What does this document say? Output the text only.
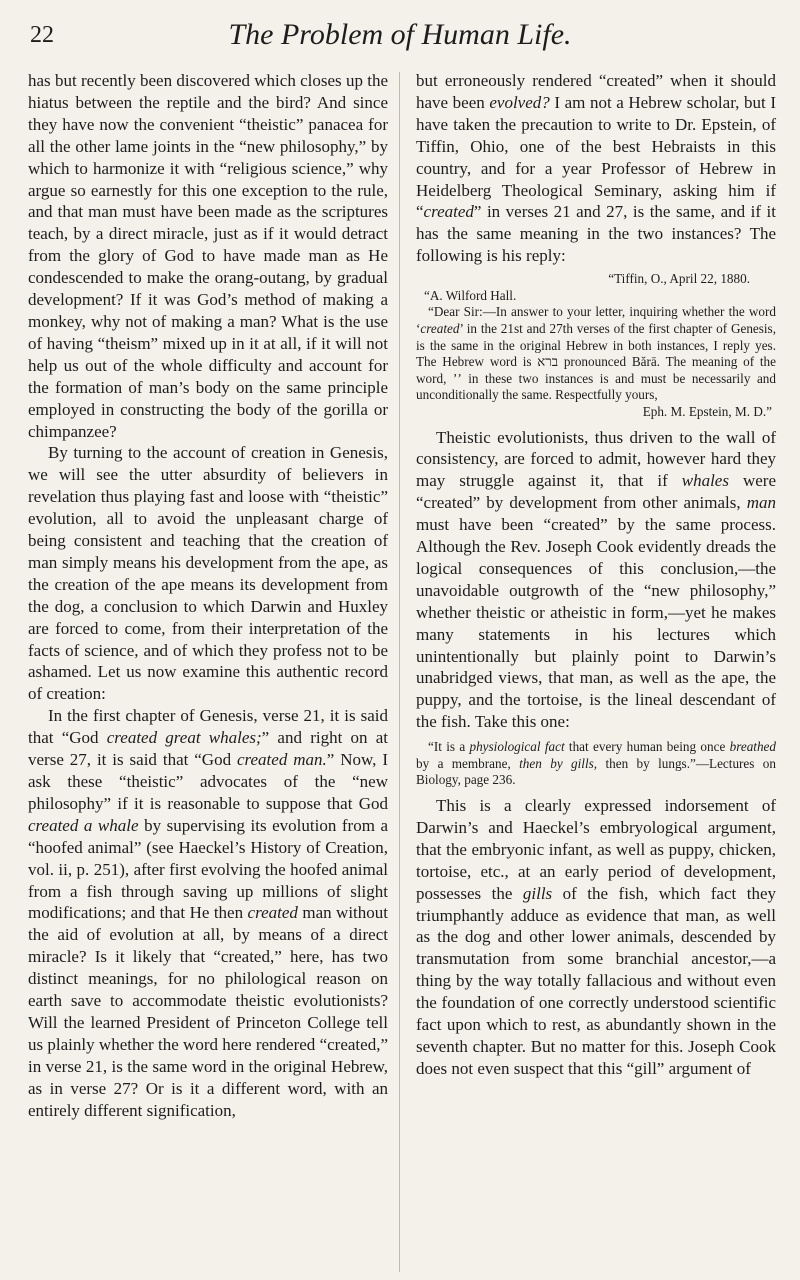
22	The Problem of Human Life.

has but recently been discovered which closes up the hiatus between the reptile and the bird? And since they have now the convenient “theistic” panacea for all the other lame joints in the “new philosophy,” by which to harmonize it with “religious science,” why argue so earnestly for this one exception to the rule, and that man must have been made as the scriptures teach, by a direct miracle, just as if it would detract from the glory of God to have made man as He condescended to make the orang-outang, by gradual development? If it was God’s method of making a monkey, why not of making a man? What is the use of having “theism” mixed up in it at all, if it will not help us out of the whole difficulty and account for the formation of man’s body on the same principle employed in constructing the body of the gorilla or chimpanzee?

By turning to the account of creation in Genesis, we will see the utter absurdity of believers in revelation thus playing fast and loose with “theistic” evolution, all to avoid the unpleasant charge of being consistent and teaching that the creation of man simply means his development from the ape, as the creation of the ape means its development from the dog, a conclusion to which Darwin and Huxley are forced to come, from their interpretation of the facts of science, and of which they profess not to be ashamed. Let us now examine this authentic record of creation:

In the first chapter of Genesis, verse 21, it is said that “God created great whales;” and right on at verse 27, it is said that “God created man.” Now, I ask these “theistic” advocates of the “new philosophy” if it is reasonable to suppose that God created a whale by supervising its evolution from a “hoofed animal” (see Haeckel’s History of Creation, vol. ii, p. 251), after first evolving the hoofed animal from a fish through saving up millions of slight modifications; and that He then created man without the aid of evolution at all, by means of a direct miracle? Is it likely that “created,” here, has two distinct meanings, for no philological reason on earth save to accommodate theistic evolutionists? Will the learned President of Princeton College tell us plainly whether the word here rendered “created,” in verse 21, is the same word in the original Hebrew, as in verse 27? Or is it a different word, with an entirely different signification,

but erroneously rendered “created” when it should have been evolved? I am not a Hebrew scholar, but I have taken the precaution to write to Dr. Epstein, of Tiffin, Ohio, one of the best Hebraists in this country, and for a year Professor of Hebrew in Heidelberg Theological Seminary, asking him if “created” in verses 21 and 27, is the same, and if it has the same meaning in the two instances? The following is his reply:

“Tiffin, O., April 22, 1880.

“A. Wilford Hall.

“Dear Sir:—In answer to your letter, inquiring whether the word ‘created’ in the 21st and 27th verses of the first chapter of Genesis, is the same in the original Hebrew in both instances, I reply yes. The Hebrew word is ברא pronounced Bărā. The meaning of the word, ʼʼ in these two instances is and must be necessarily and unconditionally the same. Respectfully yours,

Eph. M. Epstein, M. D.”

Theistic evolutionists, thus driven to the wall of consistency, are forced to admit, however hard they may struggle against it, that if whales were “created” by development from other animals, man must have been “created” by the same process. Although the Rev. Joseph Cook evidently dreads the logical consequences of this conclusion,—the unavoidable outgrowth of the “new philosophy,” whether theistic or atheistic in form,—yet he makes many statements in his lectures which unintentionally but plainly point to Darwin’s unabridged views, that man, as well as the ape, the puppy, and the tortoise, is the lineal descendant of the fish. Take this one:

“It is a physiological fact that every human being once breathed by a membrane, then by gills, then by lungs.”—Lectures on Biology, page 236.

This is a clearly expressed indorsement of Darwin’s and Haeckel’s embryological argument, that the embryonic infant, as well as puppy, chicken, tortoise, etc., at an early period of development, possesses the gills of the fish, which fact they triumphantly adduce as evidence that man, as well as the dog and other lower animals, descended by transmutation from some branchial ancestor,—a thing by the way totally fallacious and without even the foundation of one correctly understood scientific fact upon which to rest, as abundantly shown in the seventh chapter. But no matter for this. Joseph Cook does not even suspect that this “gill” argument of
